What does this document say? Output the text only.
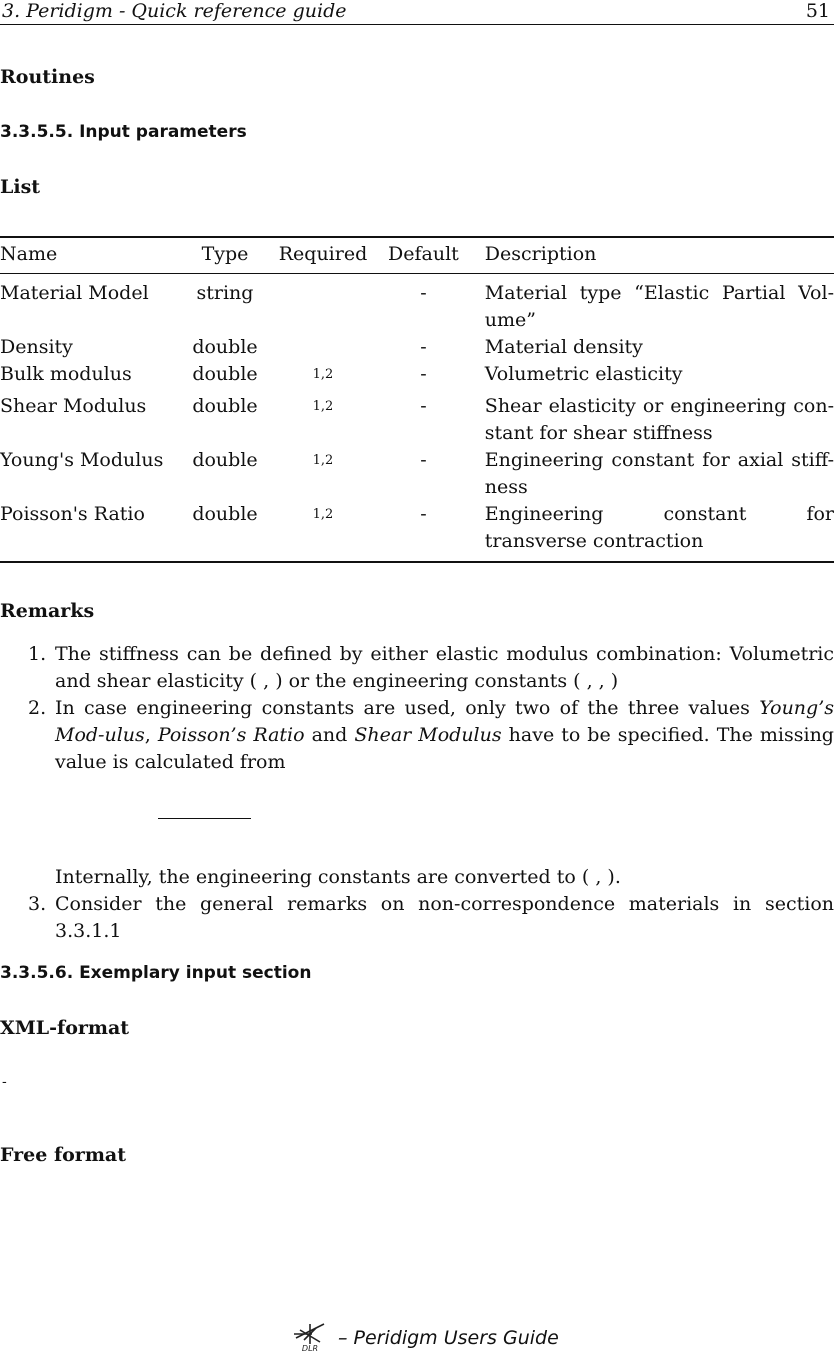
3. Peridigm - Quick reference guide	51
Routines
3.3.5.5. Input parameters
List
Name	Type	Required	Default	Description
Material Model	string		-	Material type “Elastic Partial Vol-ume”
Density	double		-	Material density
Bulk modulus	double	$^{1,2}$	-	Volumetric elasticity
Shear Modulus	double	$^{1,2}$	-	Shear elasticity or engineering con-stant for shear stiffness
Young's Modulus	double	$^{1,2}$	-	Engineering constant for axial stiff-ness
Poisson's Ratio	double	$^{1,2}$	-	Engineering constant for transverse contraction
Remarks
1. The stiffness can be defined by either elastic modulus combination: Volumetric and shear elasticity ( , ) or the engineering constants ( , , )
2. In case engineering constants are used, only two of the three values Young’s Mod-ulus, Poisson’s Ratio and Shear Modulus have to be specified. The missing value is calculated from
Internally, the engineering constants are converted to ( , ).
3. Consider the general remarks on non-correspondence materials in section 3.3.1.1
3.3.5.6. Exemplary input section
XML-format
-
Free format
DLR – Peridigm Users Guide
